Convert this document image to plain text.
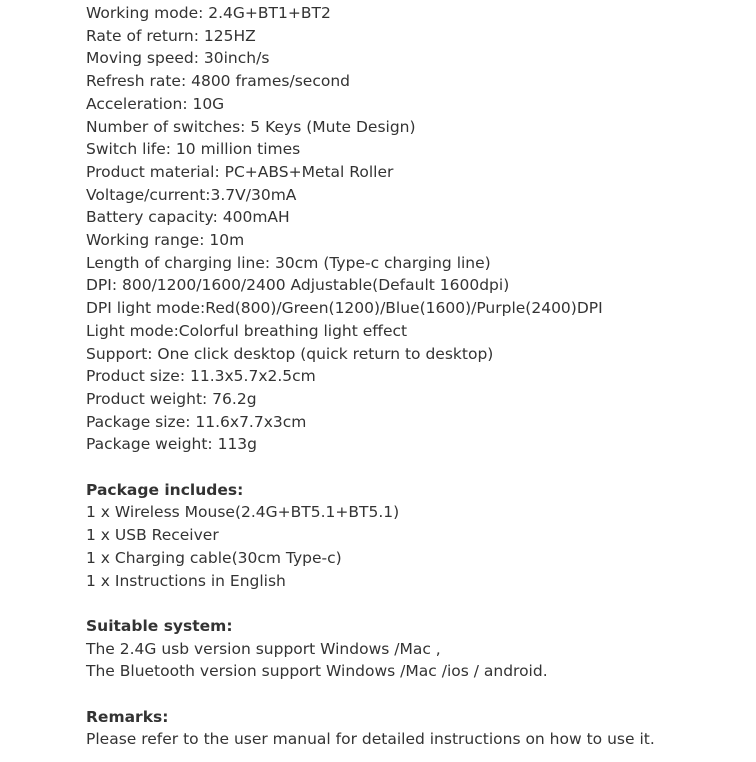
Working mode: 2.4G+BT1+BT2

Rate of return: 125HZ

Moving speed: 30inch/s

Refresh rate: 4800 frames/second

Acceleration: 10G

Number of switches: 5 Keys (Mute Design)

Switch life: 10 million times

Product material: PC+ABS+Metal Roller

Voltage/current:3.7V/30mA

Battery capacity: 400mAH

Working range: 10m

Length of charging line: 30cm (Type-c charging line)

DPI: 800/1200/1600/2400 Adjustable(Default 1600dpi)

DPI light mode:Red(800)/Green(1200)/Blue(1600)/Purple(2400)DPI

Light mode:Colorful breathing light effect

Support: One click desktop (quick return to desktop)

Product size: 11.3x5.7x2.5cm

Product weight: 76.2g

Package size: 11.6x7.7x3cm

Package weight: 113g

Package includes:

1 x Wireless Mouse(2.4G+BT5.1+BT5.1)

1 x USB Receiver

1 x Charging cable(30cm Type-c)

1 x Instructions in English

Suitable system:

The 2.4G usb version support Windows /Mac ,

The Bluetooth version support Windows /Mac /ios / android.

Remarks:

Please refer to the user manual for detailed instructions on how to use it.
